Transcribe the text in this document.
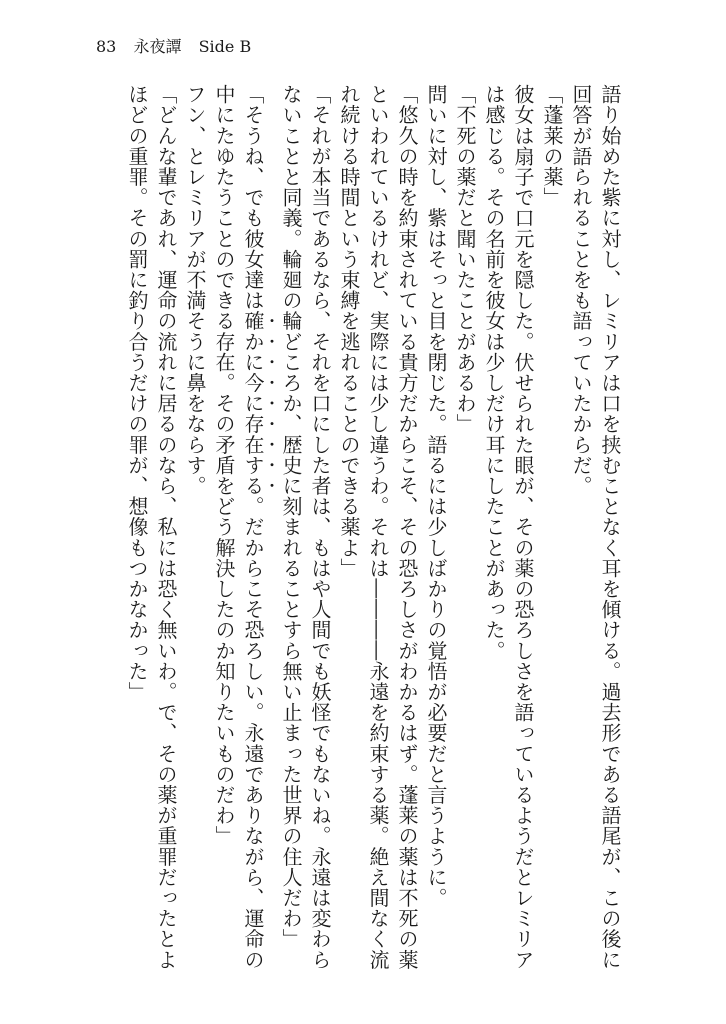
83 永夜譚 Side B

語り始めた紫に対し、レミリアは口を挟むことなく耳を傾ける。過去形である語尾が、この後に回答が語られることをも語っていたからだ。

「蓬莱の薬」

彼女は扇子で口元を隠した。伏せられた眼が、その薬の恐ろしさを語っているようだとレミリアは感じる。その名前を彼女は少しだけ耳にしたことがあった。

「不死の薬だと聞いたことがあるわ」

問いに対し、紫はそっと目を閉じた。語るには少しばかりの覚悟が必要だと言うように。

「悠久の時を約束されている貴方だからこそ、その恐ろしさがわかるはず。蓬莱の薬は不死の薬といわれているけれど、実際には少し違うわ。それは――――永遠を約束する薬。絶え間なく流れ続ける時間という束縛を逃れることのできる薬よ」

「それが本当であるなら、それを口にした者は、もはや人間でも妖怪でもないね。永遠は変わらないことと同義。輪廻の輪どころか、歴史に刻まれることすら無い止まった世界の住人だわ」

「そうね、でも彼女達は確かに今に存在する。だからこそ恐ろしい。永遠でありながら、運命の中にたゆたうことのできる存在。その矛盾をどう解決したのか知りたいものだわ」

フン、とレミリアが不満そうに鼻をならす。

「どんな輩であれ、運命の流れに居るのなら、私には恐く無いわ。で、その薬が重罪だったとよほどの重罪。その罰に釣り合うだけの罪が、想像もつかなかった」
